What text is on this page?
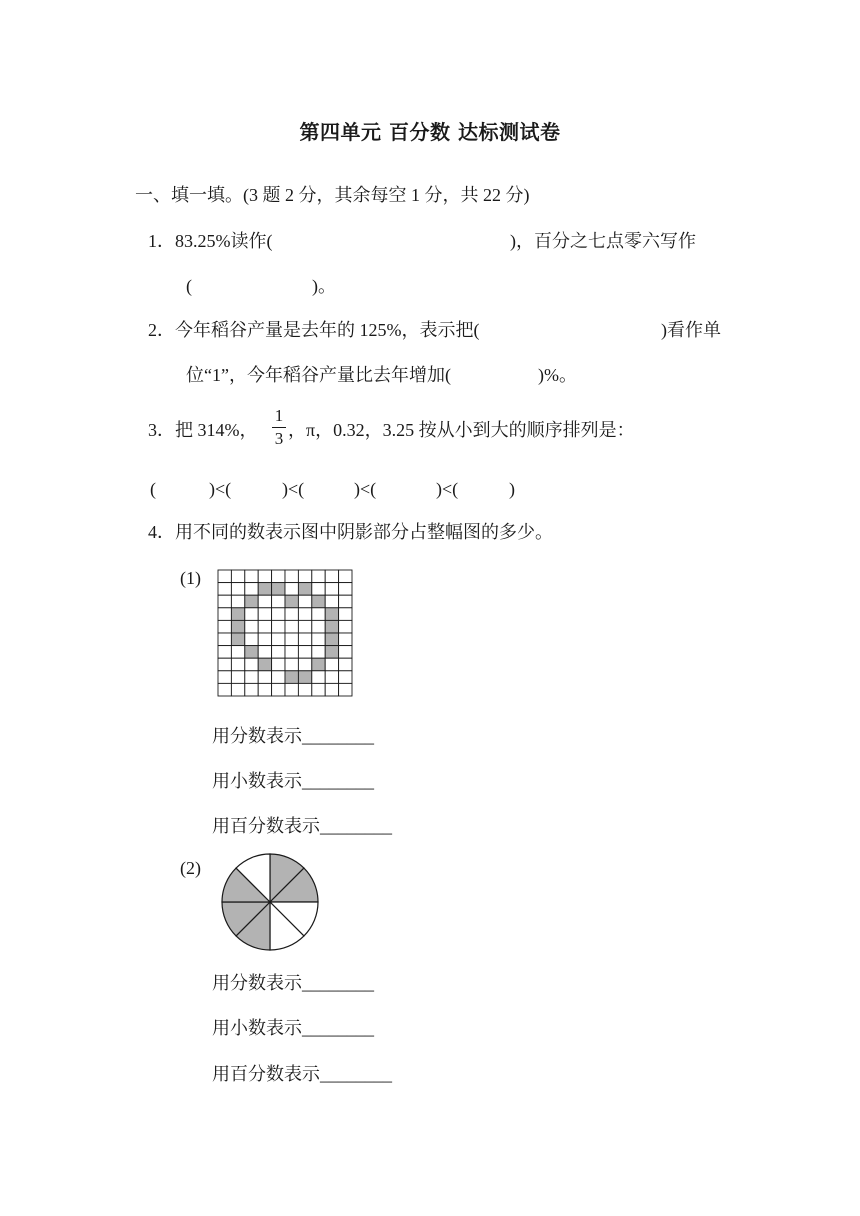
第四单元 百分数 达标测试卷
一、填一填。(3 题 2 分，其余每空 1 分，共 22 分)
1．83.25%读作(	)，百分之七点零六写作
(	)。
2．今年稻谷产量是去年的 125%，表示把(	)看作单
位“1”，今年稻谷产量比去年增加(	)%。
3．把 314%，
1
3 ，π，0.32，3.25 按从小到大的顺序排列是：
(	)<(	)<(	)<(	)<(	)
4．用不同的数表示图中阴影部分占整幅图的多少。
(1)
用分数表示________
用小数表示________
用百分数表示________
(2)
用分数表示________
用小数表示________
用百分数表示________
